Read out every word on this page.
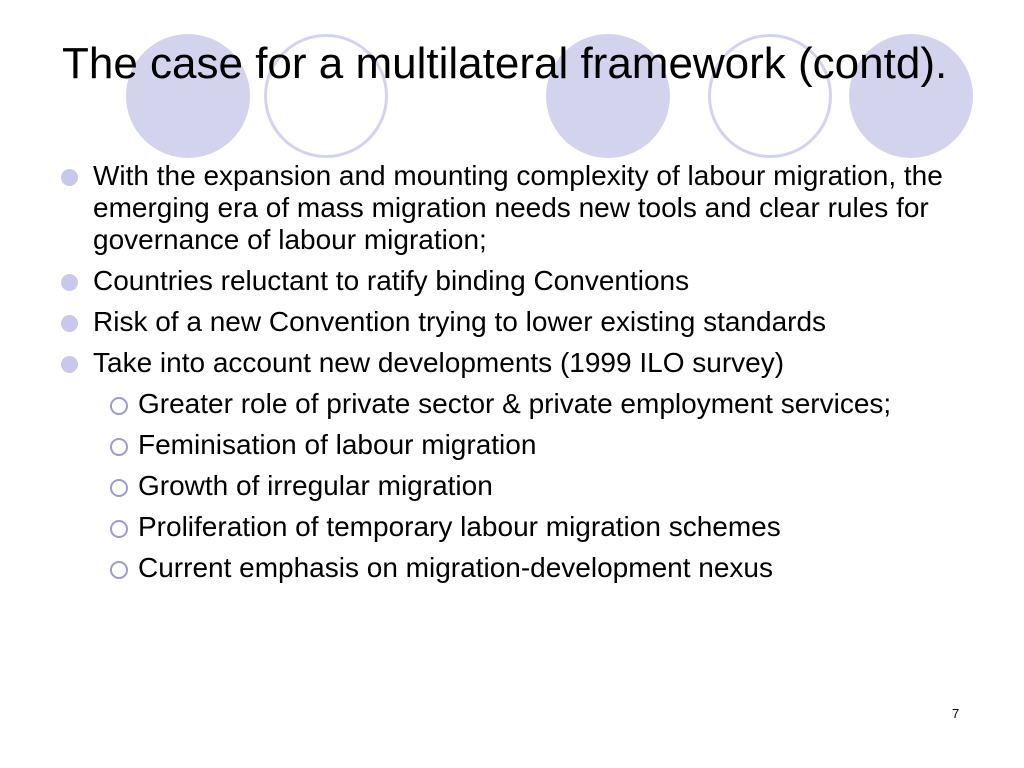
The case for a multilateral framework (contd).
With the expansion and mounting complexity of labour migration, the emerging era of mass migration needs new tools and clear rules for governance of labour migration;
Countries reluctant to ratify binding Conventions
Risk of a new Convention trying to lower existing standards
Take into account new developments (1999 ILO survey)
Greater role of private sector & private employment services;
Feminisation of labour migration
Growth of irregular migration
Proliferation of temporary labour migration schemes
Current emphasis on migration-development nexus
7
